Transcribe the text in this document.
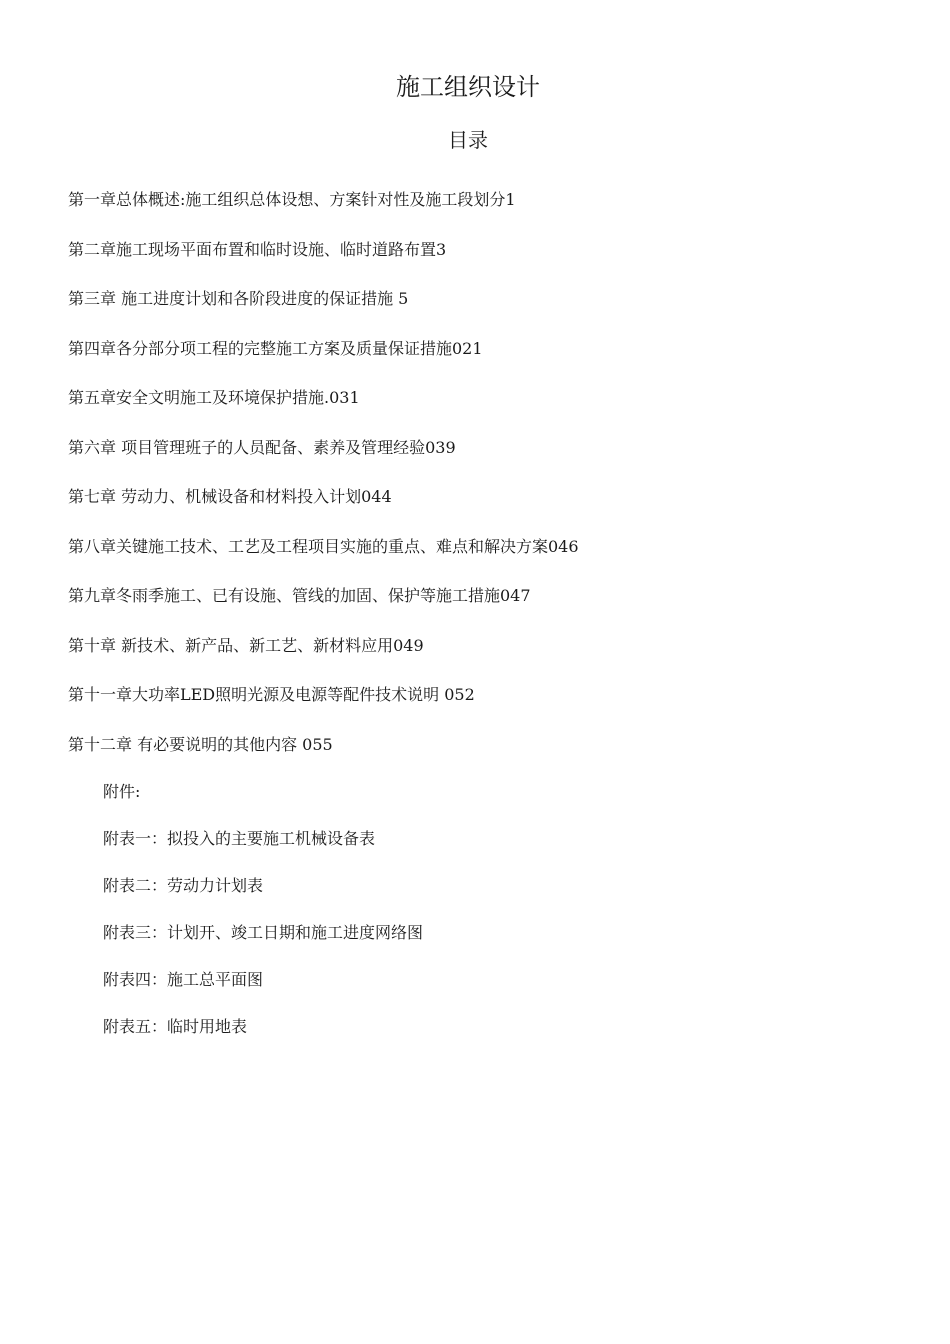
施工组织设计
目录
第一章总体概述:施工组织总体设想、方案针对性及施工段划分1
第二章施工现场平面布置和临时设施、临时道路布置3
第三章 施工进度计划和各阶段进度的保证措施 5
第四章各分部分项工程的完整施工方案及质量保证措施021
第五章安全文明施工及环境保护措施.031
第六章 项目管理班子的人员配备、素养及管理经验039
第七章 劳动力、机械设备和材料投入计划044
第八章关键施工技术、工艺及工程项目实施的重点、难点和解决方案046
第九章冬雨季施工、已有设施、管线的加固、保护等施工措施047
第十章 新技术、新产品、新工艺、新材料应用049
第十一章大功率LED照明光源及电源等配件技术说明 052
第十二章 有必要说明的其他内容 055
附件:
附表一：拟投入的主要施工机械设备表
附表二：劳动力计划表
附表三：计划开、竣工日期和施工进度网络图
附表四：施工总平面图
附表五：临时用地表
